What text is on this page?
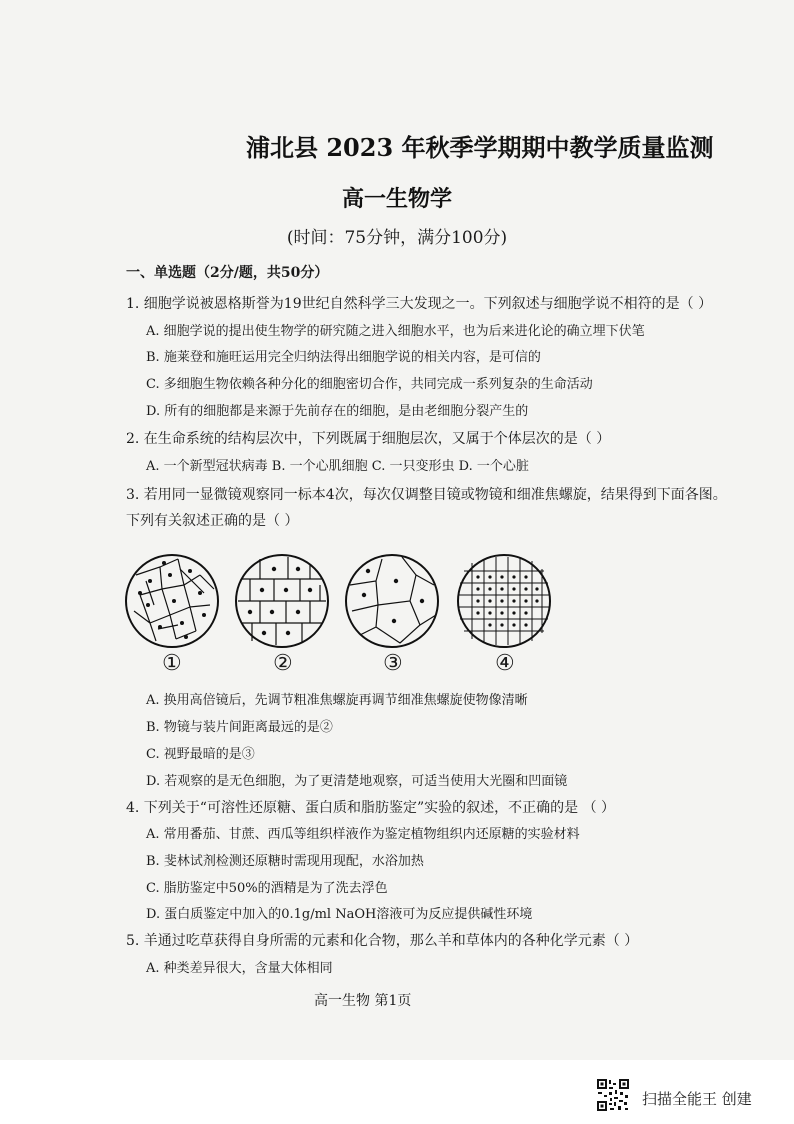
浦北县 2023 年秋季学期期中教学质量监测
高一生物学
(时间：75分钟，满分100分)
一、单选题（2分/题，共50分）
1. 细胞学说被恩格斯誉为19世纪自然科学三大发现之一。下列叙述与细胞学说不相符的是（ ）
A. 细胞学说的提出使生物学的研究随之进入细胞水平，也为后来进化论的确立埋下伏笔
B. 施莱登和施旺运用完全归纳法得出细胞学说的相关内容，是可信的
C. 多细胞生物依赖各种分化的细胞密切合作，共同完成一系列复杂的生命活动
D. 所有的细胞都是来源于先前存在的细胞，是由老细胞分裂产生的
2. 在生命系统的结构层次中，下列既属于细胞层次，又属于个体层次的是（ ）
A. 一个新型冠状病毒 B. 一个心肌细胞 C. 一只变形虫 D. 一个心脏
3. 若用同一显微镜观察同一标本4次，每次仅调整目镜或物镜和细准焦螺旋，结果得到下面各图。
下列有关叙述正确的是（ ）
①	②	③	④
A. 换用高倍镜后，先调节粗准焦螺旋再调节细准焦螺旋使物像清晰
B. 物镜与装片间距离最远的是②
C. 视野最暗的是③
D. 若观察的是无色细胞，为了更清楚地观察，可适当使用大光圈和凹面镜
4. 下列关于“可溶性还原糖、蛋白质和脂肪鉴定”实验的叙述，不正确的是 （ ）
A. 常用番茄、甘蔗、西瓜等组织样液作为鉴定植物组织内还原糖的实验材料
B. 斐林试剂检测还原糖时需现用现配，水浴加热
C. 脂肪鉴定中50%的酒精是为了洗去浮色
D. 蛋白质鉴定中加入的0.1g/ml NaOH溶液可为反应提供碱性环境
5. 羊通过吃草获得自身所需的元素和化合物，那么羊和草体内的各种化学元素（ ）
A. 种类差异很大，含量大体相同
高一生物 第1页
扫描全能王 创建
